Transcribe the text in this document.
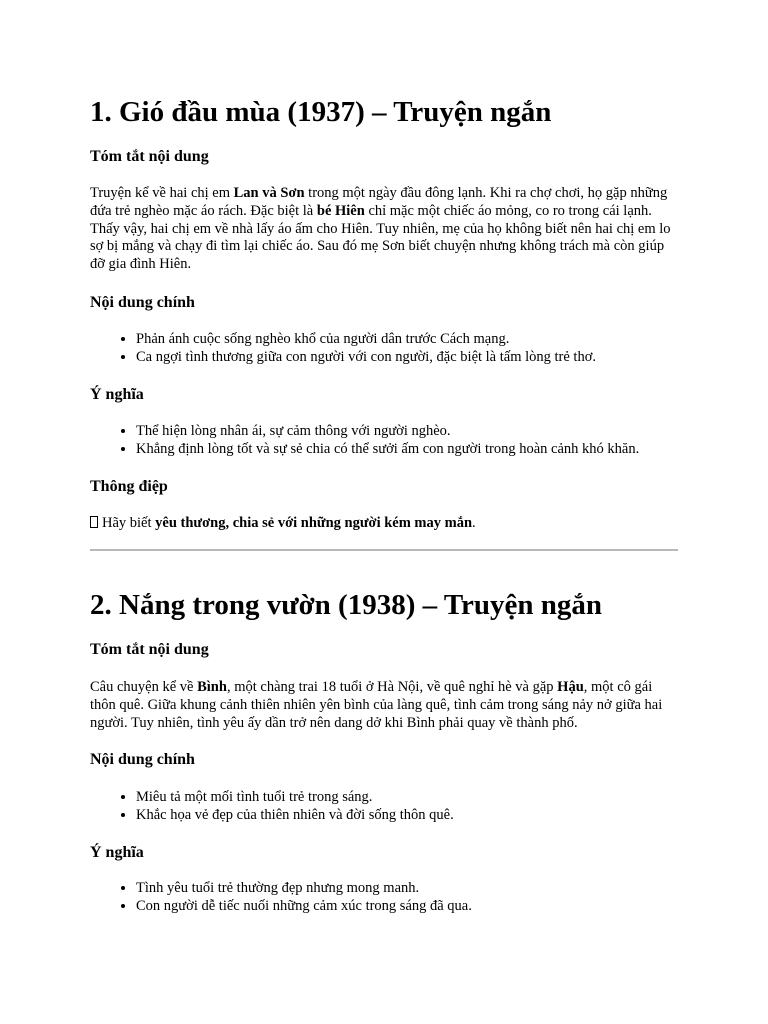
1. Gió đầu mùa (1937) – Truyện ngắn
Tóm tắt nội dung

Truyện kể về hai chị em Lan và Sơn trong một ngày đầu đông lạnh. Khi ra chợ chơi, họ gặp những đứa trẻ nghèo mặc áo rách. Đặc biệt là bé Hiên chỉ mặc một chiếc áo mỏng, co ro trong cái lạnh. Thấy vậy, hai chị em về nhà lấy áo ấm cho Hiên. Tuy nhiên, mẹ của họ không biết nên hai chị em lo sợ bị mắng và chạy đi tìm lại chiếc áo. Sau đó mẹ Sơn biết chuyện nhưng không trách mà còn giúp đỡ gia đình Hiên.

Nội dung chính
• Phản ánh cuộc sống nghèo khổ của người dân trước Cách mạng.
• Ca ngợi tình thương giữa con người với con người, đặc biệt là tấm lòng trẻ thơ.
Ý nghĩa
• Thể hiện lòng nhân ái, sự cảm thông với người nghèo.
• Khẳng định lòng tốt và sự sẻ chia có thể sưởi ấm con người trong hoàn cảnh khó khăn.
Thông điệp

Hãy biết yêu thương, chia sẻ với những người kém may mắn.

2. Nắng trong vườn (1938) – Truyện ngắn
Tóm tắt nội dung

Câu chuyện kể về Bình, một chàng trai 18 tuổi ở Hà Nội, về quê nghỉ hè và gặp Hậu, một cô gái thôn quê. Giữa khung cảnh thiên nhiên yên bình của làng quê, tình cảm trong sáng nảy nở giữa hai người. Tuy nhiên, tình yêu ấy dần trở nên dang dở khi Bình phải quay về thành phố.

Nội dung chính
• Miêu tả một mối tình tuổi trẻ trong sáng.
• Khắc họa vẻ đẹp của thiên nhiên và đời sống thôn quê.
Ý nghĩa
• Tình yêu tuổi trẻ thường đẹp nhưng mong manh.
• Con người dễ tiếc nuối những cảm xúc trong sáng đã qua.
